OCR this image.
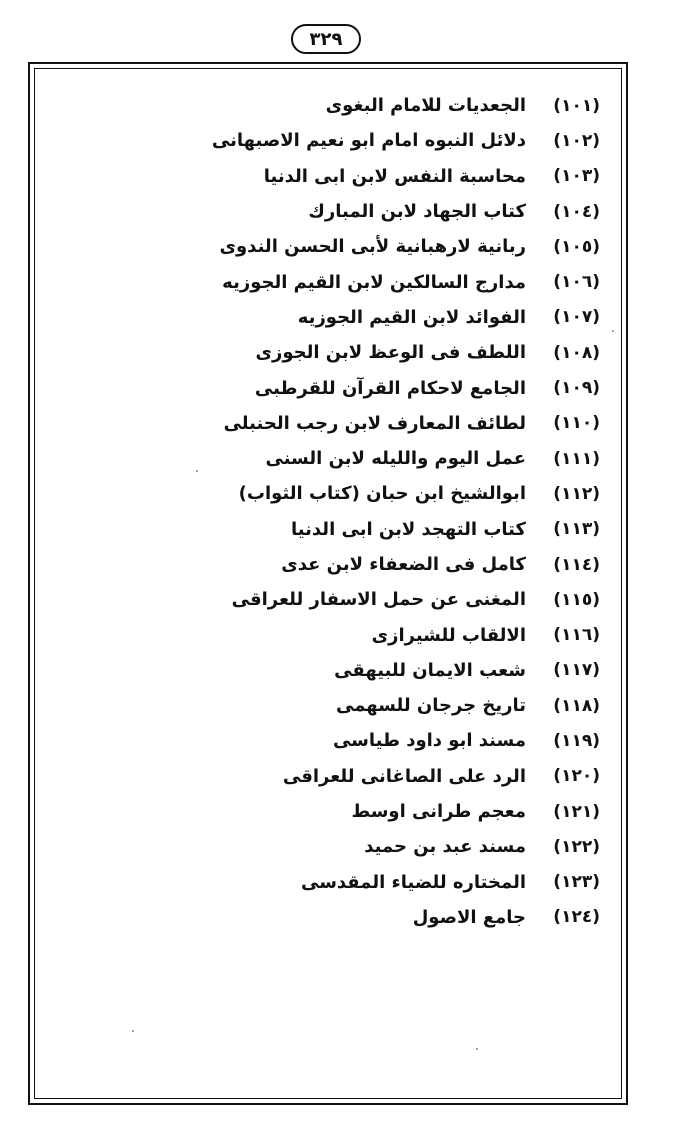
٣٢٩
(١٠١)
الجعديات للامام البغوى
(١٠٢)
دلائل النبوه امام ابو نعيم الاصبهانى
(١٠٣)
محاسبة النفس لابن ابى الدنيا
(١٠٤)
كتاب الجهاد لابن المبارك
(١٠٥)
ربانية لارهبانية لأبى الحسن الندوى
(١٠٦)
مدارج السالكين لابن القيم الجوزيه
(١٠٧)
الفوائد لابن القيم الجوزيه
(١٠٨)
اللطف فى الوعظ لابن الجوزى
(١٠٩)
الجامع لاحكام القرآن للقرطبى
(١١٠)
لطائف المعارف لابن رجب الحنبلى
(١١١)
عمل اليوم والليله لابن السنى
(١١٢)
ابوالشيخ ابن حبان (كتاب الثواب)
(١١٣)
كتاب التهجد لابن ابى الدنيا
(١١٤)
كامل فى الضعفاء لابن عدى
(١١٥)
المغنى عن حمل الاسفار للعراقى
(١١٦)
الالقاب للشيرازى
(١١٧)
شعب الايمان للبيهقى
(١١٨)
تاريخ جرجان للسهمى
(١١٩)
مسند ابو داود طياسى
(١٢٠)
الرد على الصاغانى للعراقى
(١٢١)
معجم طرانى اوسط
(١٢٢)
مسند عبد بن حميد
(١٢٣)
المختاره للضياء المقدسى
(١٢٤)
جامع الاصول
